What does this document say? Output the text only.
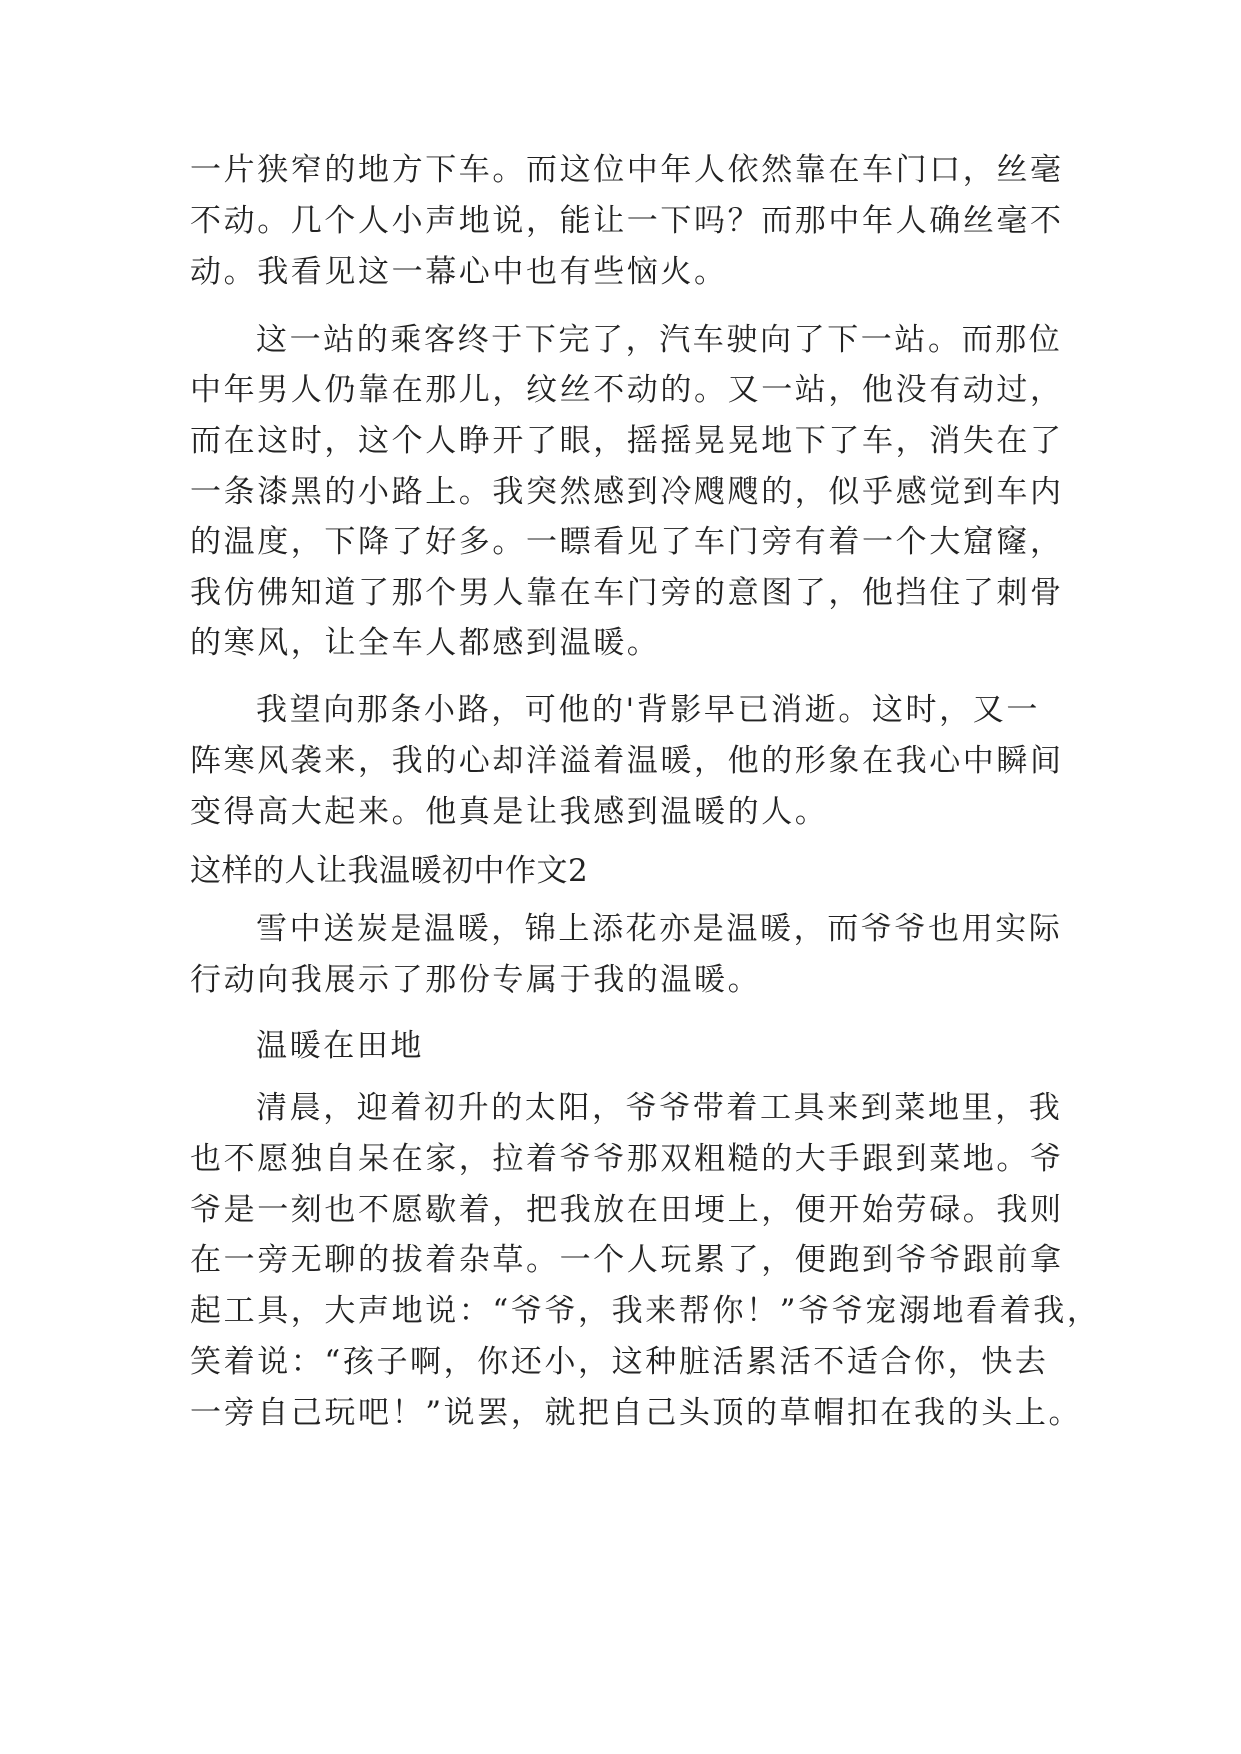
一片狭窄的地方下车。而这位中年人依然靠在车门口，丝毫
不动。几个人小声地说，能让一下吗？而那中年人确丝毫不
动。我看见这一幕心中也有些恼火。
这一站的乘客终于下完了，汽车驶向了下一站。而那位
中年男人仍靠在那儿，纹丝不动的。又一站，他没有动过，
而在这时，这个人睁开了眼，摇摇晃晃地下了车，消失在了
一条漆黑的小路上。我突然感到冷飕飕的，似乎感觉到车内
的温度，下降了好多。一瞟看见了车门旁有着一个大窟窿，
我仿佛知道了那个男人靠在车门旁的意图了，他挡住了刺骨
的寒风，让全车人都感到温暖。
我望向那条小路，可他的'背影早已消逝。这时，又一
阵寒风袭来，我的心却洋溢着温暖，他的形象在我心中瞬间
变得高大起来。他真是让我感到温暖的人。
这样的人让我温暖初中作文2
雪中送炭是温暖，锦上添花亦是温暖，而爷爷也用实际
行动向我展示了那份专属于我的温暖。
温暖在田地
清晨，迎着初升的太阳，爷爷带着工具来到菜地里，我
也不愿独自呆在家，拉着爷爷那双粗糙的大手跟到菜地。爷
爷是一刻也不愿歇着，把我放在田埂上，便开始劳碌。我则
在一旁无聊的拔着杂草。一个人玩累了，便跑到爷爷跟前拿
起工具，大声地说：“爷爷，我来帮你！”爷爷宠溺地看着我，
笑着说：“孩子啊，你还小，这种脏活累活不适合你，快去
一旁自己玩吧！”说罢，就把自己头顶的草帽扣在我的头上。
